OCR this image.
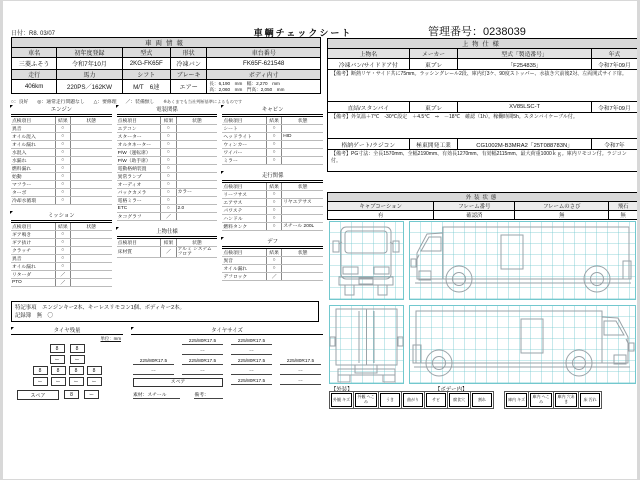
日付：R8. 03/07	車輌チェックシート	管理番号：0238039
車両情報				
車名	初年度登録	型式	形状	車台番号
三菱ふそう	令和7年10月	2KG-FK65F	冷凍バン	FK65F-621548
走行	馬力	シフト	ブレーキ	ボディ内寸
406km	220PS／162KW	M/T　6速	エアー	長：6,190　mm　幅：2,270　mm
高：2,060　mm　門高：2,050　mm
○：良好 ◎：通常走行問題なし △：要修理 ／：装備無し ※あくまでも当社判断基準によるものです
エンジン
点検項目	結果	状態
異音	○	
オイル混入	○	
オイル漏れ	○	
水混入	○	
水漏れ	○	
燃料漏れ	○	
始動	○	
マフラー	○	
ターボ	○	
冷却水循環	○	
ミッション
点検項目	結果	状態
ギア鳴き	○	
ギア抜け	○	
クラッチ	○	
異音	○	
オイル漏れ	○	
リターダ	／	
PTO	／	
電装関係
点検項目	結果	状態
エアコン	○	
スターター	○	
オルタネーター	○	
P/W（運転席）	○	
P/W（助手席）	○	
電動格納装置	○	
異常ランプ	○	
オーディオ	○	
バックカメラ	○	カラー
電格ミラー	○	
ETC	○	2.0
タコグラフ	／	
上物仕様
点検項目	結果	状態
床材質	／	アルミ システムフロア
キャビン
点検項目	結果	状態
シート	○	
ヘッドライト	○	HID
ウィンカー	○	
ワイパー	○	
ミラー	○	
走行関係
点検項目	結果	状態
リーフサス	○	
エアサス	○	リヤエアサス
パワステ	○	
ハンドル	○	
燃料タンク	○	スチール 200L
デフ
点検項目	結果	状態
異音	○	
オイル漏れ	○	
デフロック	／	
特記事項 エンジンキー2本、キーレスリモコン1個、ボディキー2本。
記録簿 無　〇
タイヤ残量
単位：mm
8	8
ー	ー
8	8	8	8
ー	ー	ー	ー
スペア	8	ー
タイヤサイズ
225/80R17.5	225/80R17.5
ー	ー
225/80R17.5	225/80R17.5	225/80R17.5	225/80R17.5
ー	ー	ー	ー
スペア	225/80R17.5	ー
素材：スチール	備考：
上物仕様			
上物名	メーカー	型式「製造番号」	年式
冷凍バン/サイドドア付	東プレ	「F254835」	令和7年09月
【備考】断熱リヤ・サイド共に75mm。ラッシングレール2段、庫内灯3ケ、90度ストッパー、水抜き穴前後2対、左両開式サイド扉。			
直結/スタンバイ	東プレ	XV85LSC-T	令和7年09月
【備考】外気温＋7℃　-30℃設定　＋4.5℃　⇒　－18℃　確認（1h）。稼働時間5h。スタンバイケーブル付。			
格納ゲート/ラジコン	極東開発工業	CG1002M-B3MRA2「25T088783N」	令和7年
【備考】PG寸法：全長1570mm、全幅2190mm、有効長1270mm、有効幅2115mm、最大荷重1000ｋｇ。庫内リモコン付。ラジコン付。			
外装状態			
キャブコーション	フレーム番号	フレームのさび	飛石
有	確認済	無	無
【外装】	【ボデー内】
外観 キズ	外観 へこみ	うき	曲がり	サビ	腐食穴	割れ	庫内 キズ	庫内 へこみ
庫内 穴あき	床 汚れ
